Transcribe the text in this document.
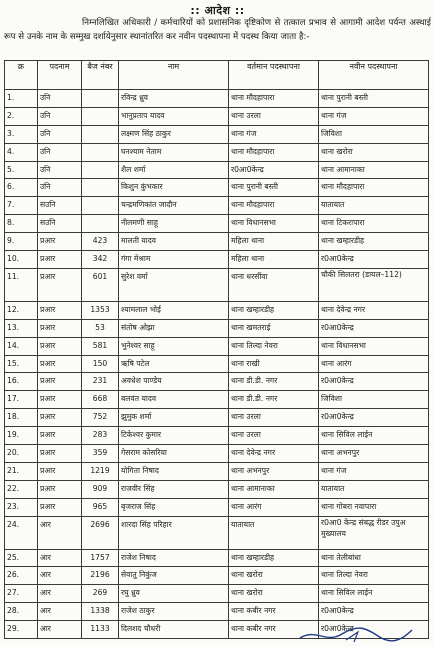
:: आदेश ::
निम्नलिखित अधिकारी / कर्मचारियों को प्रशासनिक दृष्टिकोण से तत्काल प्रभाव से आगामी आदेश पर्यन्त अस्थाई रूप से उनके नाम के सम्मुख दर्शायेनुसार स्थानांतरित कर नवीन पदस्थापना में पदस्थ किया जाता है:-
क्र	पदनाम	बैज नंबर	नाम	वर्तमान पदस्थापना	नवीन पदस्थापना
1.	उनि		रविन्द्र ध्रुव	थाना मौदहापारा	थाना पुरानी बस्ती
2.	उनि		भानुप्रताप यादव	थाना उरला	थाना गंज
3.	उनि		लक्ष्मण सिंह ठाकुर	थाना गंज	जिविशा
4.	उनि		घनश्याम नेताम	थाना मौदहापारा	थाना खरोरा
5.	उनि		शैल शर्मा	र0आ0केन्द्र	थाना आमानाका
6.	उनि		किशुन कुंभकार	थाना पुरानी बस्ती	थाना मौदहापारा
7.	सउनि		चन्द्रमणिकांत जादौन	थाना मौदहापारा	यातायात
8.	सउनि		नीलमणी साहू	थाना विधानसभा	थाना टिकरापारा
9.	प्रआर	423	मालती यादव	महिला थाना	थाना खम्हारडीह
10.	प्रआर	342	गंगा मेश्राम	महिला थाना	र0आ0केन्द्र
11.	प्रआर	601	सुरेश वर्मा	थाना धरसींवा	चौकी सिलतरा (डायल–112)
12.	प्रआर	1353	श्यामलाल भोई	थाना खम्हारडीह	थाना देवेन्द्र नगर
13.	प्रआर	53	संतोष ओझा	थाना खमतराई	र0आ0केन्द्र
14.	प्रआर	581	भुनेश्वर साहू	थाना तिल्दा नेवरा	थाना विधानसभा
15.	प्रआर	150	ऋषि पटेल	थाना राखी	थाना आरंग
16.	प्रआर	231	अवधेश पाण्डेय	थाना डी.डी. नगर	र0आ0केन्द्र
17.	प्रआर	668	बलवंत यादव	थाना डी.डी. नगर	जिविशा
18.	प्रआर	752	झुमुक शर्मा	थाना उरला	र0आ0केन्द्र
19.	प्रआर	283	टिकेश्वर कुमार	थाना उरला	थाना सिविल लाईन
20.	प्रआर	359	गेसराम कोसरिया	थाना देवेन्द्र नगर	थाना अभनपुर
21.	प्रआर	1219	योगिता निषाद	थाना अभनपुर	थाना गंज
22.	प्रआर	909	राजवीर सिंह	थाना आमानाका	यातायात
23.	प्रआर	965	बृजराज सिंह	थाना आरंग	थाना गोबरा नवापारा
24.	आर	2696	शारदा सिंह परिहार	यातायात	र0आ0 केन्द्र संबद्ध रीडर उपुअ मुख्यालय
25.	आर	1757	राजेश निषाद	थाना खम्हारडीह	थाना तेलीबांधा
26.	आर	2196	सेवातु निकुंज	थाना खरोरा	थाना तिल्दा नेवरा
27.	आर	269	रघु ध्रुव	थाना खरोरा	थाना सिविल लाईन
28.	आर	1338	राजेश ठाकुर	थाना कबीर नगर	र0आ0केन्द्र
29.	आर	1133	दिलशद चौधरी	थाना कबीर नगर	र0आ0केन्द्र
